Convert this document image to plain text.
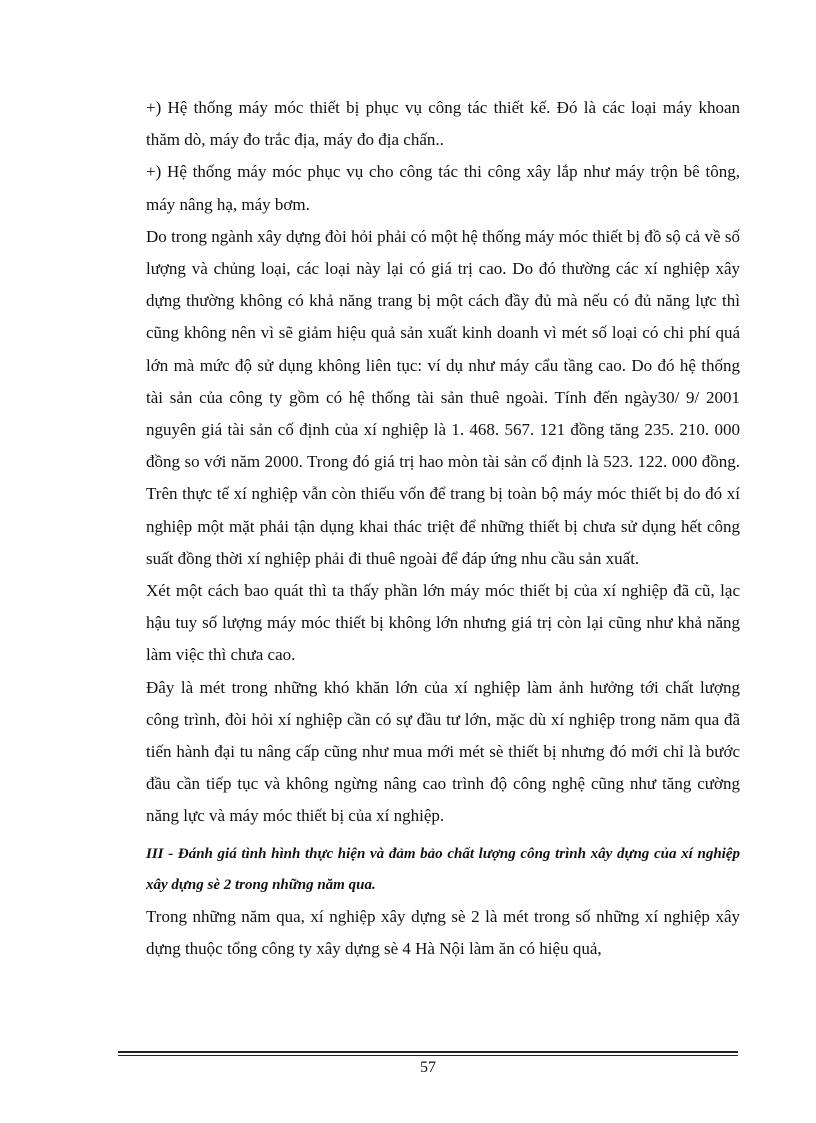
+) Hệ thống máy móc thiết bị phục vụ công tác thiết kế. Đó là các loại máy khoan thăm dò, máy đo trắc địa, máy đo địa chấn..

+) Hệ thống máy móc phục vụ cho công tác thi công xây lắp như máy trộn bê tông, máy nâng hạ, máy bơm.

Do trong ngành xây dựng đòi hỏi phải có một hệ thống máy móc thiết bị đồ sộ cả về số lượng và chủng loại, các loại này lại có giá trị cao. Do đó thường các xí nghiệp xây dựng thường không có khả năng trang bị một cách đầy đủ mà nếu có đủ năng lực thì cũng không nên vì sẽ giảm hiệu quả sản xuất kinh doanh vì mét số loại có chi phí quá lớn mà mức độ sử dụng không liên tục: ví dụ như máy cẩu tầng cao. Do đó hệ thống tài sản của công ty gồm có hệ thống tài sản thuê ngoài. Tính đến ngày30/ 9/ 2001 nguyên giá tài sản cố định của xí nghiệp là 1. 468. 567. 121 đồng tăng 235. 210. 000 đồng so với năm 2000. Trong đó giá trị hao mòn tài sản cố định là 523. 122. 000 đồng. Trên thực tế xí nghiệp vẫn còn thiếu vốn để trang bị toàn bộ máy móc thiết bị do đó xí nghiệp một mặt phải tận dụng khai thác triệt để những thiết bị chưa sử dụng hết công suất đồng thời xí nghiệp phải đi thuê ngoài để đáp ứng nhu cầu sản xuất.

Xét một cách bao quát thì ta thấy phần lớn máy móc thiết bị của xí nghiệp đã cũ, lạc hậu tuy số lượng máy móc thiết bị không lớn nhưng giá trị còn lại cũng như khả năng làm việc thì chưa cao.

Đây là mét trong những khó khăn lớn của xí nghiệp làm ảnh hưởng tới chất lượng công trình, đòi hỏi xí nghiệp cần có sự đầu tư lớn, mặc dù xí nghiệp trong năm qua đã tiến hành đại tu nâng cấp cũng như mua mới mét sè thiết bị nhưng đó mới chỉ là bước đầu cần tiếp tục và không ngừng nâng cao trình độ công nghệ cũng như tăng cường năng lực và máy móc thiết bị của xí nghiệp.

III - Đánh giá tình hình thực hiện và đảm bảo chất lượng công trình xây dựng của xí nghiệp xây dựng sè 2 trong những năm qua.

Trong những năm qua, xí nghiệp xây dựng sè 2 là mét trong số những xí nghiệp xây dựng thuộc tổng công ty xây dựng sè 4 Hà Nội làm ăn có hiệu quả,

57
